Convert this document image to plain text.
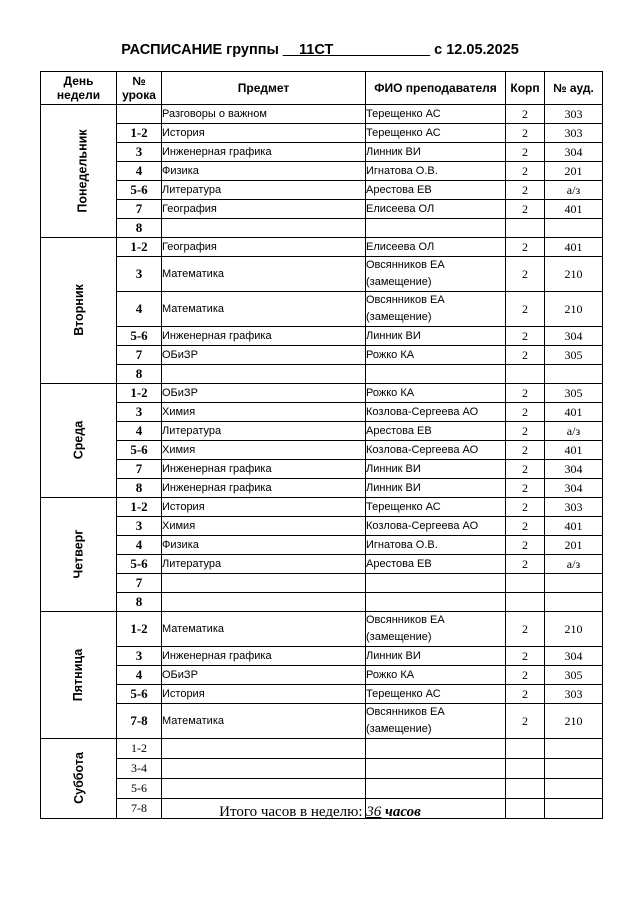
РАСПИСАНИЕ группы __11СТ____________ с 12.05.2025
День недели	№ урока	Предмет	ФИО преподавателя	Корп	№ ауд.
Понедельник		Разговоры о важном	Терещенко АС	2	303
	1-2	История	Терещенко АС	2	303
	3	Инженерная графика	Линник ВИ	2	304
	4	Физика	Игнатова О.В.	2	201
	5-6	Литература	Арестова ЕВ	2	а/з
	7	География	Елисеева ОЛ	2	401
	8				
Вторник	1-2	География	Елисеева ОЛ	2	401
	3	Математика	Овсянников ЕА (замещение)	2	210
	4	Математика	Овсянников ЕА (замещение)	2	210
	5-6	Инженерная графика	Линник ВИ	2	304
	7	ОБиЗР	Рожко КА	2	305
	8				
Среда	1-2	ОБиЗР	Рожко КА	2	305
	3	Химия	Козлова-Сергеева АО	2	401
	4	Литература	Арестова ЕВ	2	а/з
	5-6	Химия	Козлова-Сергеева АО	2	401
	7	Инженерная графика	Линник ВИ	2	304
	8	Инженерная графика	Линник ВИ	2	304
Четверг	1-2	История	Терещенко АС	2	303
	3	Химия	Козлова-Сергеева АО	2	401
	4	Физика	Игнатова О.В.	2	201
	5-6	Литература	Арестова ЕВ	2	а/з
	7				
	8				
Пятница	1-2	Математика	Овсянников ЕА (замещение)	2	210
	3	Инженерная графика	Линник ВИ	2	304
	4	ОБиЗР	Рожко КА	2	305
	5-6	История	Терещенко АС	2	303
	7-8	Математика	Овсянников ЕА (замещение)	2	210
Суббота	1-2				
	3-4				
	5-6				
	7-8					Итого часов в неделю: 36 часов
